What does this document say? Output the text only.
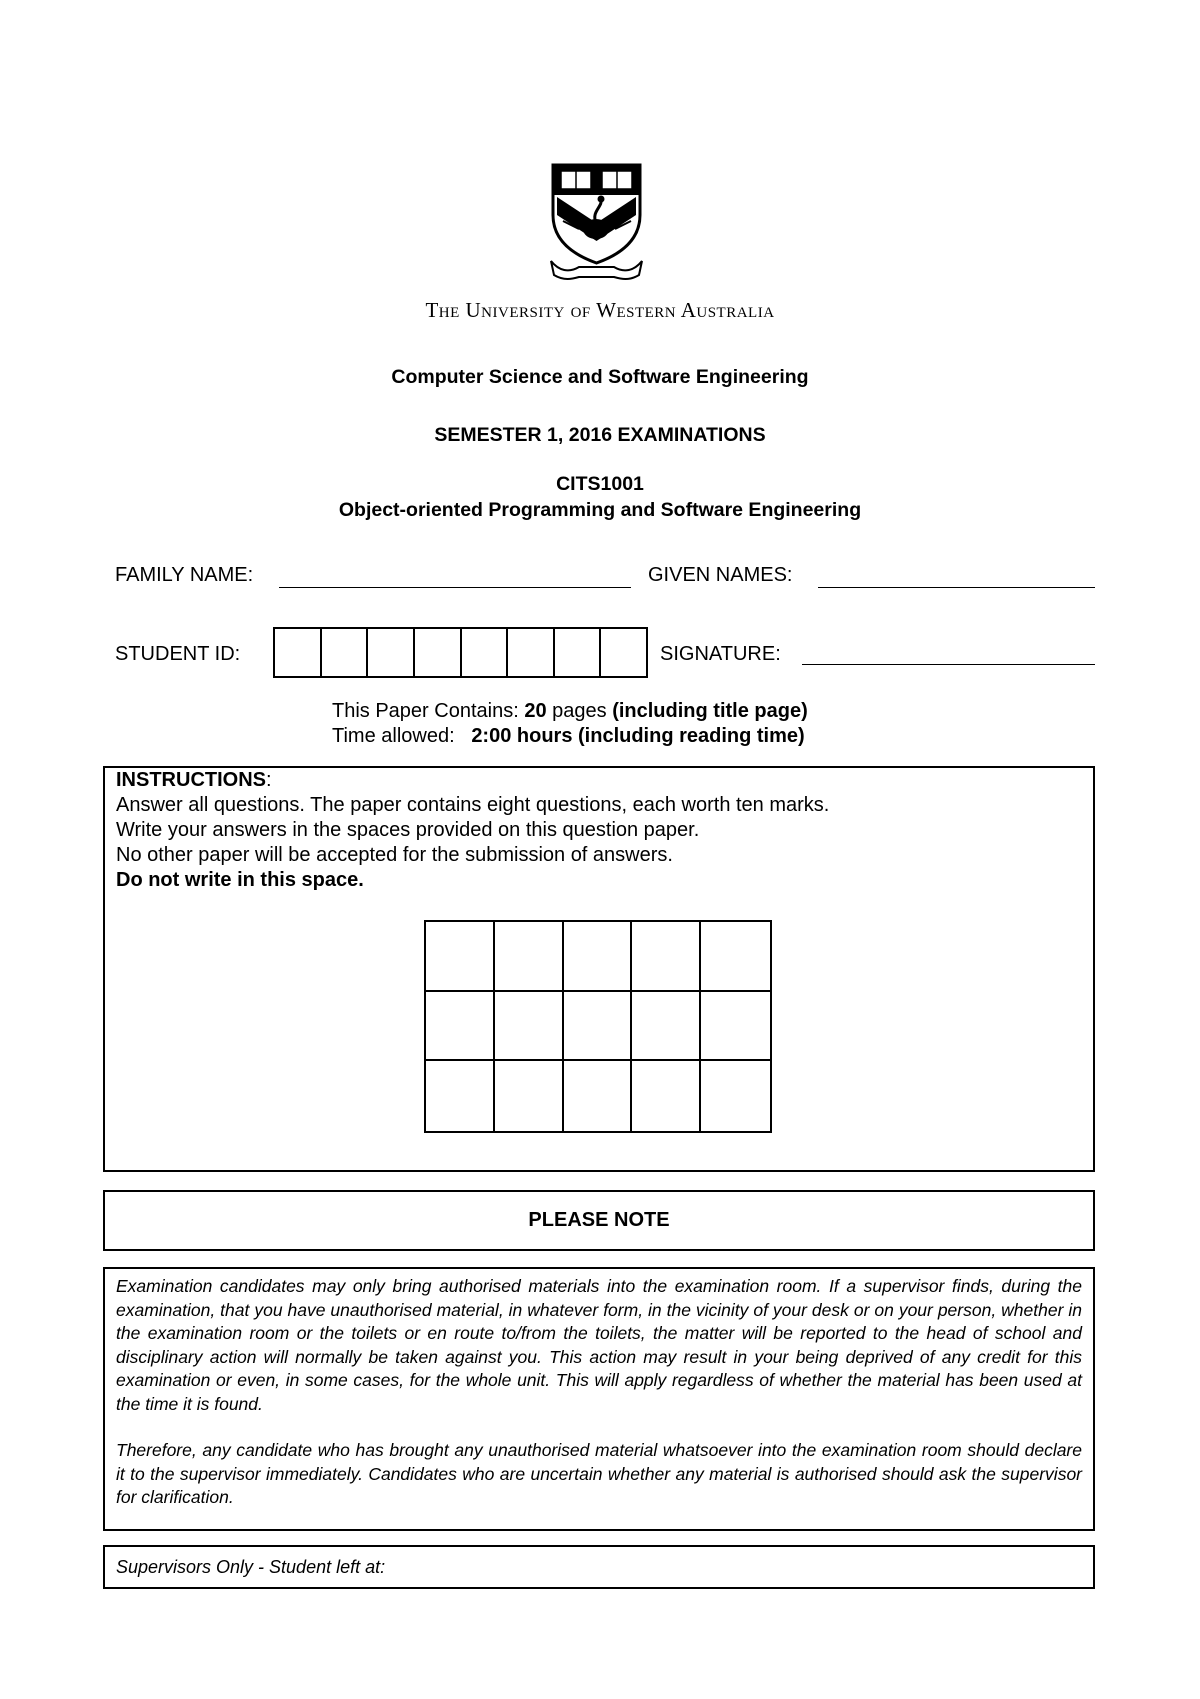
The University of Western Australia
Computer Science and Software Engineering
SEMESTER 1, 2016 EXAMINATIONS
CITS1001
Object-oriented Programming and Software Engineering
FAMILY NAME:	GIVEN NAMES:
STUDENT ID:	SIGNATURE:
This Paper Contains: 20 pages (including title page)
Time allowed:   2:00 hours (including reading time)

INSTRUCTIONS:

Answer all questions. The paper contains eight questions, each worth ten marks.

Write your answers in the spaces provided on this question paper.

No other paper will be accepted for the submission of answers.

Do not write in this space.

PLEASE NOTE

Examination candidates may only bring authorised materials into the examination room. If a supervisor finds, during the examination, that you have unauthorised material, in whatever form, in the vicinity of your desk or on your person, whether in the examination room or the toilets or en route to/from the toilets, the matter will be reported to the head of school and disciplinary action will normally be taken against you. This action may result in your being deprived of any credit for this examination or even, in some cases, for the whole unit. This will apply regardless of whether the material has been used at the time it is found.

Therefore, any candidate who has brought any unauthorised material whatsoever into the examination room should declare it to the supervisor immediately. Candidates who are uncertain whether any material is authorised should ask the supervisor for clarification.

Supervisors Only - Student left at:
